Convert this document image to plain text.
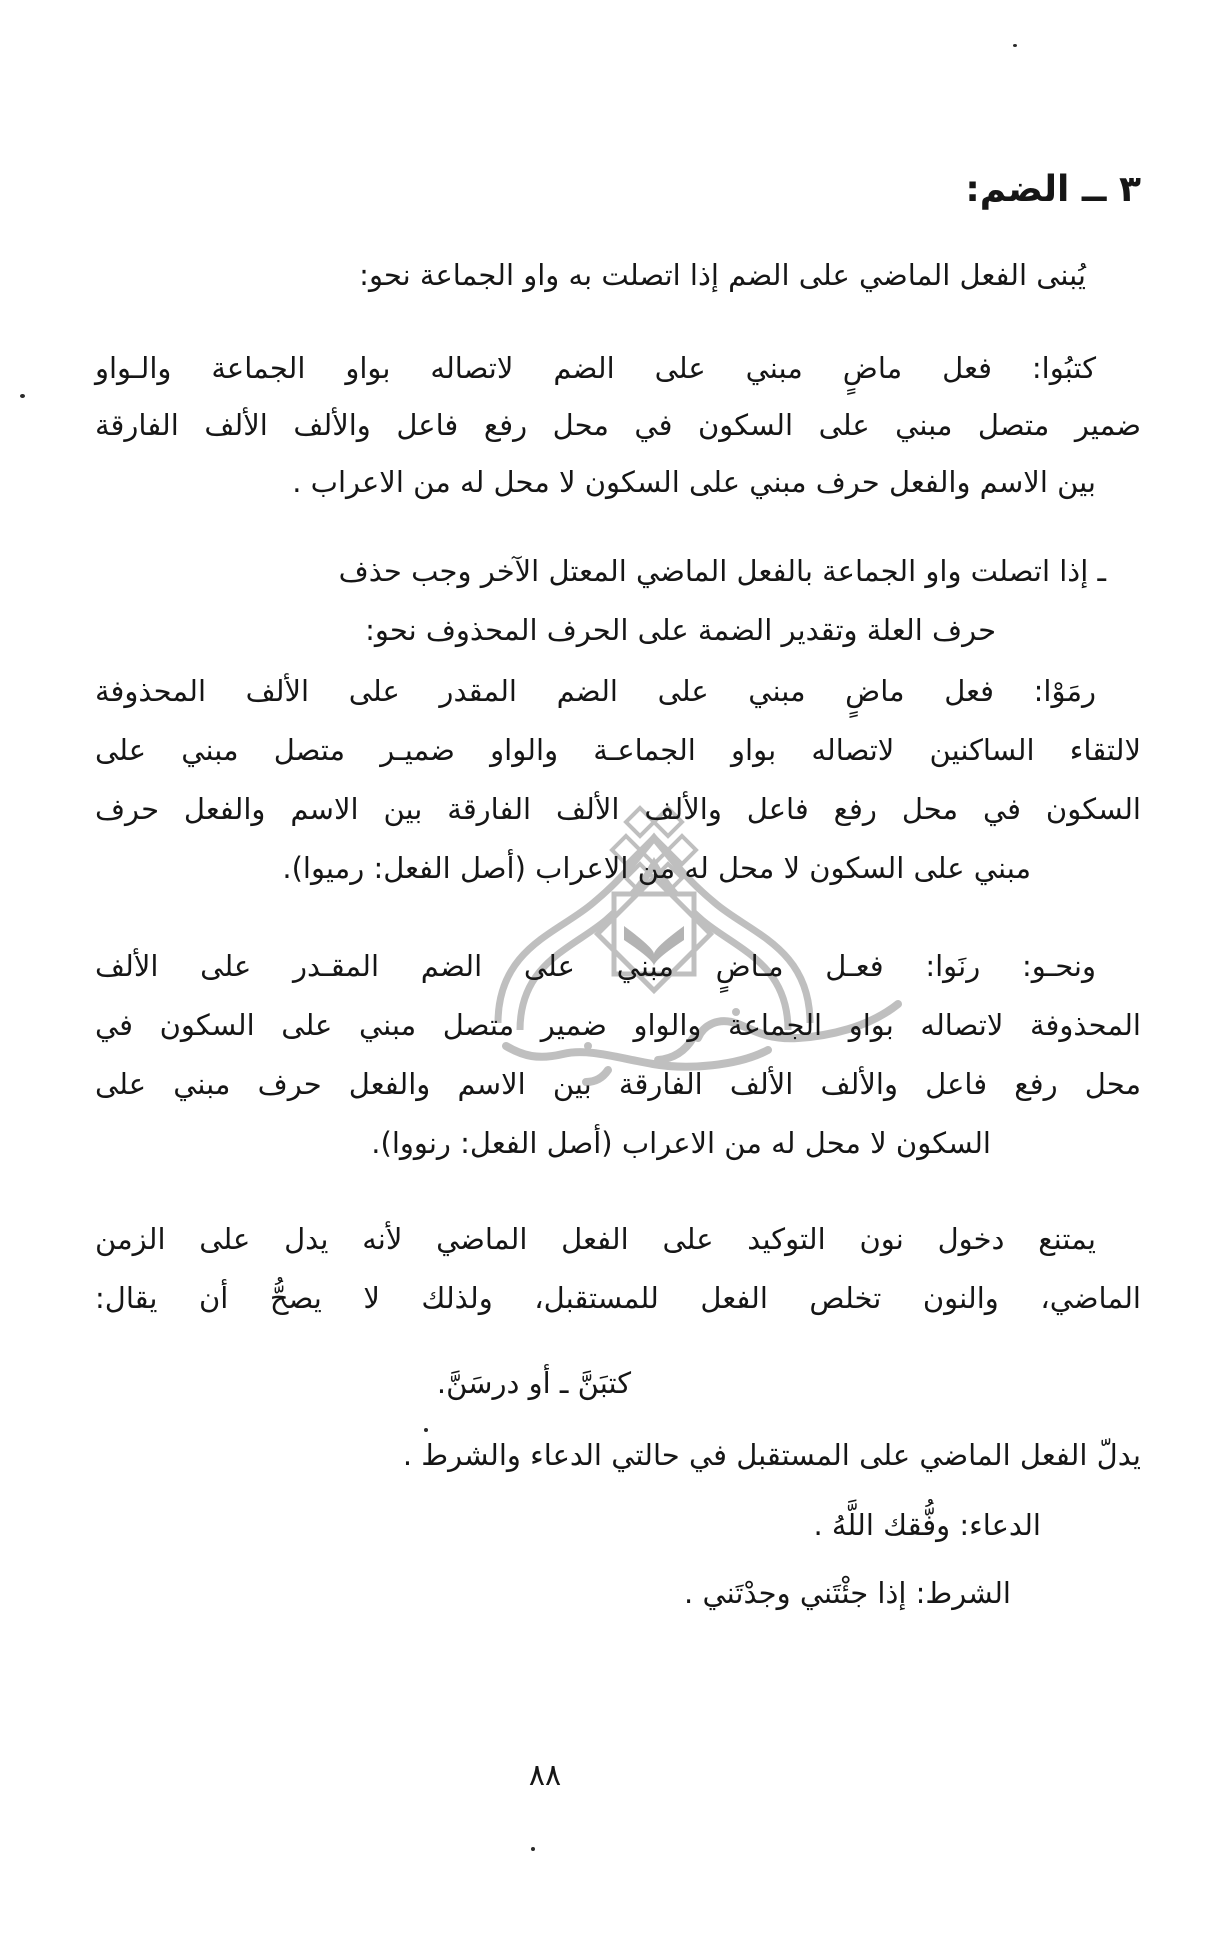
٣ ــ الضم:
يُبنى الفعل الماضي على الضم إذا اتصلت به واو الجماعة نحو:
كتبُوا: فعل ماضٍ مبني على الضم لاتصاله بواو الجماعة والـواو
ضمير متصل مبني على السكون في محل رفع فاعل والألف الألف الفارقة
بين الاسم والفعل حرف مبني على السكون لا محل له من الاعراب .
ـ إذا اتصلت واو الجماعة بالفعل الماضي المعتل الآخر وجب حذف
حرف العلة وتقدير الضمة على الحرف المحذوف نحو:
رمَوْا: فعل ماضٍ مبني على الضم المقدر على الألف المحذوفة
لالتقاء الساكنين لاتصاله بواو الجماعـة والواو ضميـر متصل مبني على
السكون في محل رفع فاعل والألف الألف الفارقة بين الاسم والفعل حرف
مبني على السكون لا محل له من الاعراب (أصل الفعل: رميوا).
ونحـو: رنَوا: فعـل مـاضٍ مبني على الضم المقـدر على الألف
المحذوفة لاتصاله بواو الجماعة والواو ضمير متصل مبني على السكون في
محل رفع فاعل والألف الألف الفارقة بين الاسم والفعل حرف مبني على
السكون لا محل له من الاعراب (أصل الفعل: رنووا).
يمتنع دخول نون التوكيد على الفعل الماضي لأنه يدل على الزمن
الماضي، والنون تخلص الفعل للمستقبل، ولذلك لا يصحُّ أن يقال:
كتبَنَّ ـ أو درسَنَّ.
يدلّ الفعل الماضي على المستقبل في حالتي الدعاء والشرط .
الدعاء: وفُّقك اللَّهُ .
الشرط: إذا جئْتَني وجدْتَني .
٨٨
